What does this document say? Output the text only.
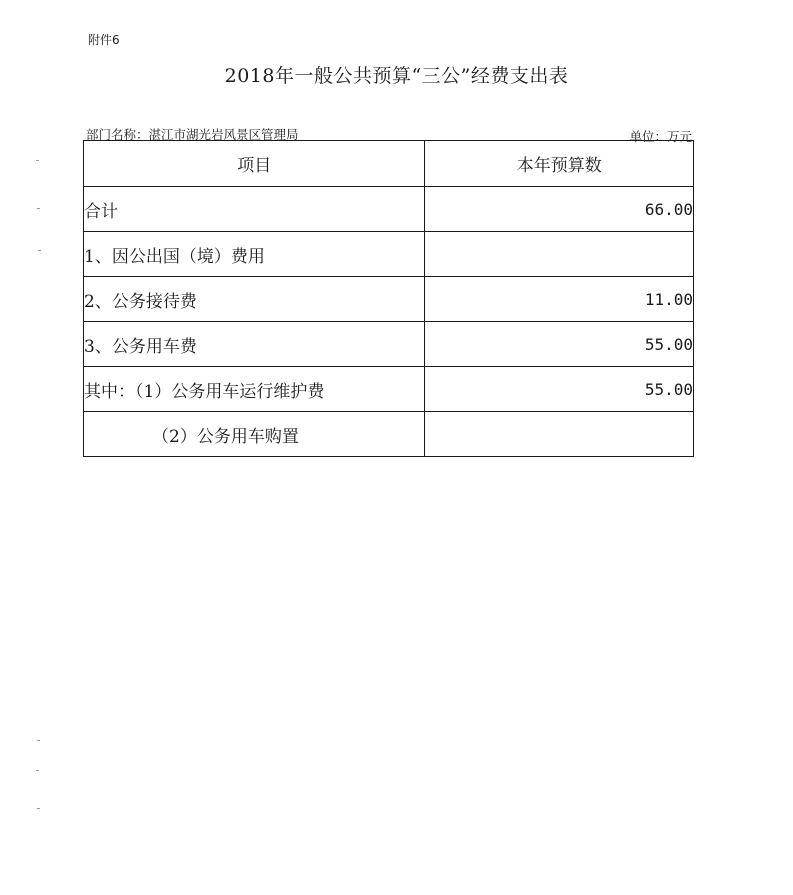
附件6
2018年一般公共预算“三公”经费支出表
部门名称：湛江市湖光岩风景区管理局	单位：万元
项目	本年预算数
合计	66.00
1、因公出国（境）费用	
2、公务接待费	11.00
3、公务用车费	55.00
其中：（1）公务用车运行维护费	55.00
（2）公务用车购置	
